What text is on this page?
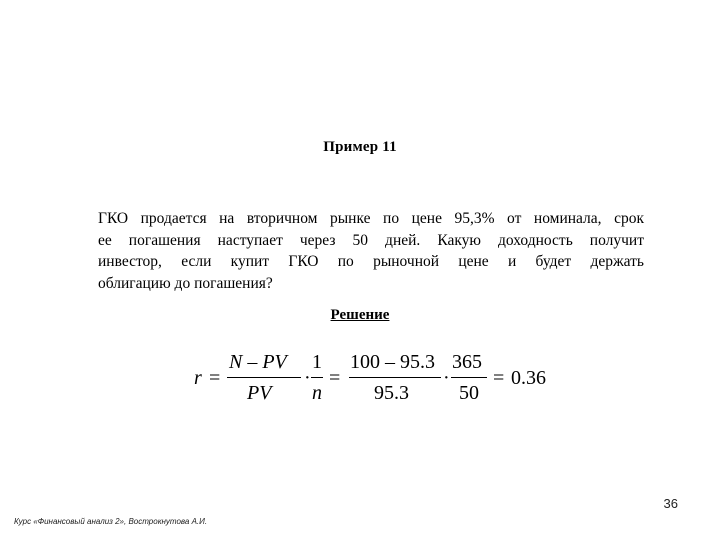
Пример 11
ГКО продается на вторичном рынке по цене 95,3% от номинала, срок
ее погашения наступает через 50 дней. Какую доходность получит
инвестор, если купит ГКО по рыночной цене и будет держать
облигацию до погашения?
Решение
r =
N – PV
PV
·
1
n
=
100 – 95.3
95.3
·
365
50
= 0.36
36
Курс «Финансовый анализ 2», Вострокнутова А.И.
